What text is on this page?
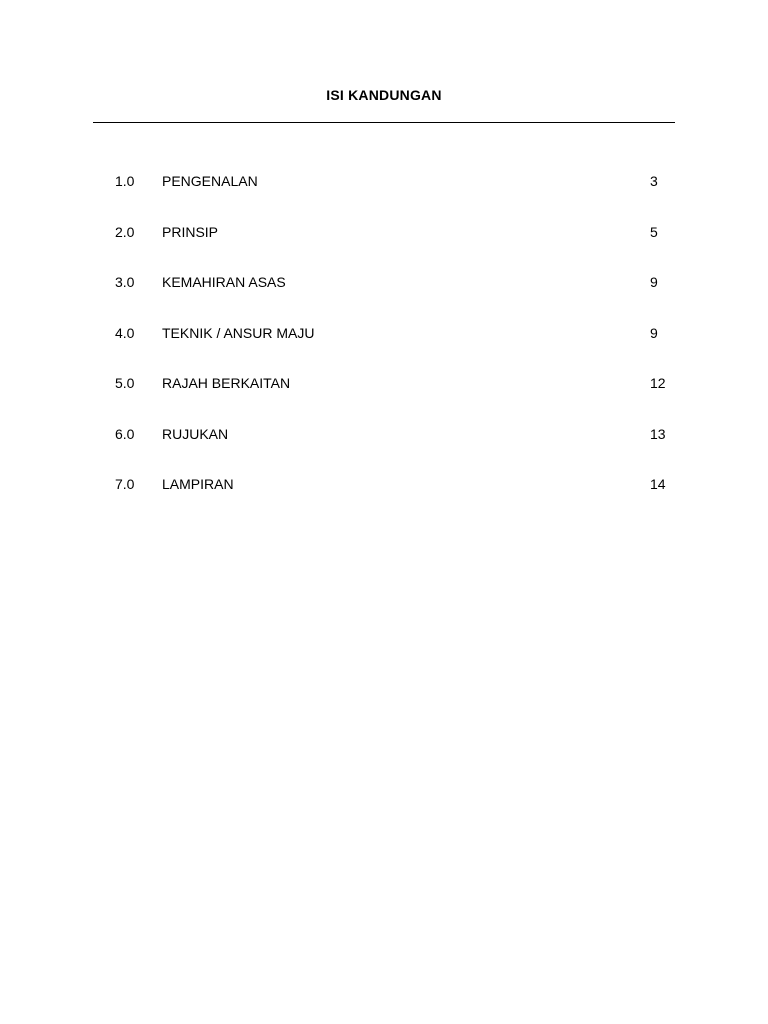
ISI KANDUNGAN
1.0 PENGENALAN	3
2.0 PRINSIP	5
3.0 KEMAHIRAN ASAS	9
4.0 TEKNIK / ANSUR MAJU	9
5.0 RAJAH BERKAITAN	12
6.0 RUJUKAN	13
7.0 LAMPIRAN	14
